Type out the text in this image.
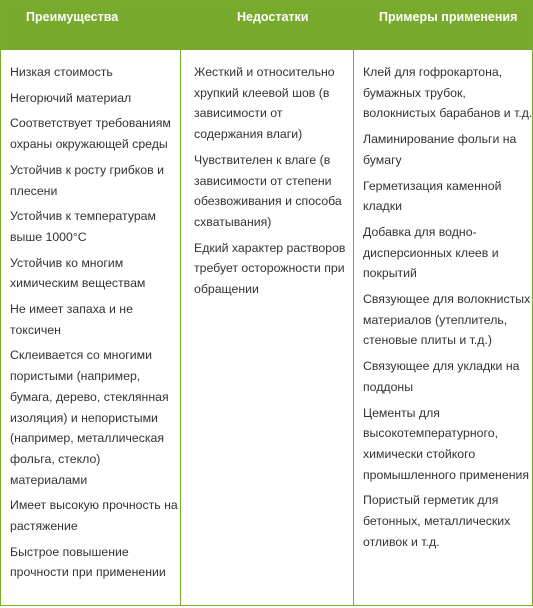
Преимущества	Недостатки	Примеры применения
Низкая стоимость
Негорючий материал
Соответствует требованиям охраны окружающей среды
Устойчив к росту грибков и плесени
Устойчив к температурам выше 1000°C
Устойчив ко многим химическим веществам
Не имеет запаха и не токсичен
Склеивается со многими пористыми (например, бумага, дерево, стеклянная изоляция) и непористыми (например, металлическая фольга, стекло) материалами
Имеет высокую прочность на растяжение
Быстрое повышение прочности при применении
Жесткий и относительно хрупкий клеевой шов (в зависимости от содержания влаги)
Чувствителен к влаге (в зависимости от степени обезвоживания и способа схватывания)
Едкий характер растворов требует осторожности при обращении
Клей для гофрокартона, бумажных трубок, волокнистых барабанов и т.д.
Ламинирование фольги на бумагу
Герметизация каменной кладки
Добавка для водно-дисперсионных клеев и покрытий
Связующее для волокнистых материалов (утеплитель, стеновые плиты и т.д.)
Связующее для укладки на поддоны
Цементы для высокотемпературного, химически стойкого промышленного применения
Пористый герметик для бетонных, металлических отливок и т.д.
